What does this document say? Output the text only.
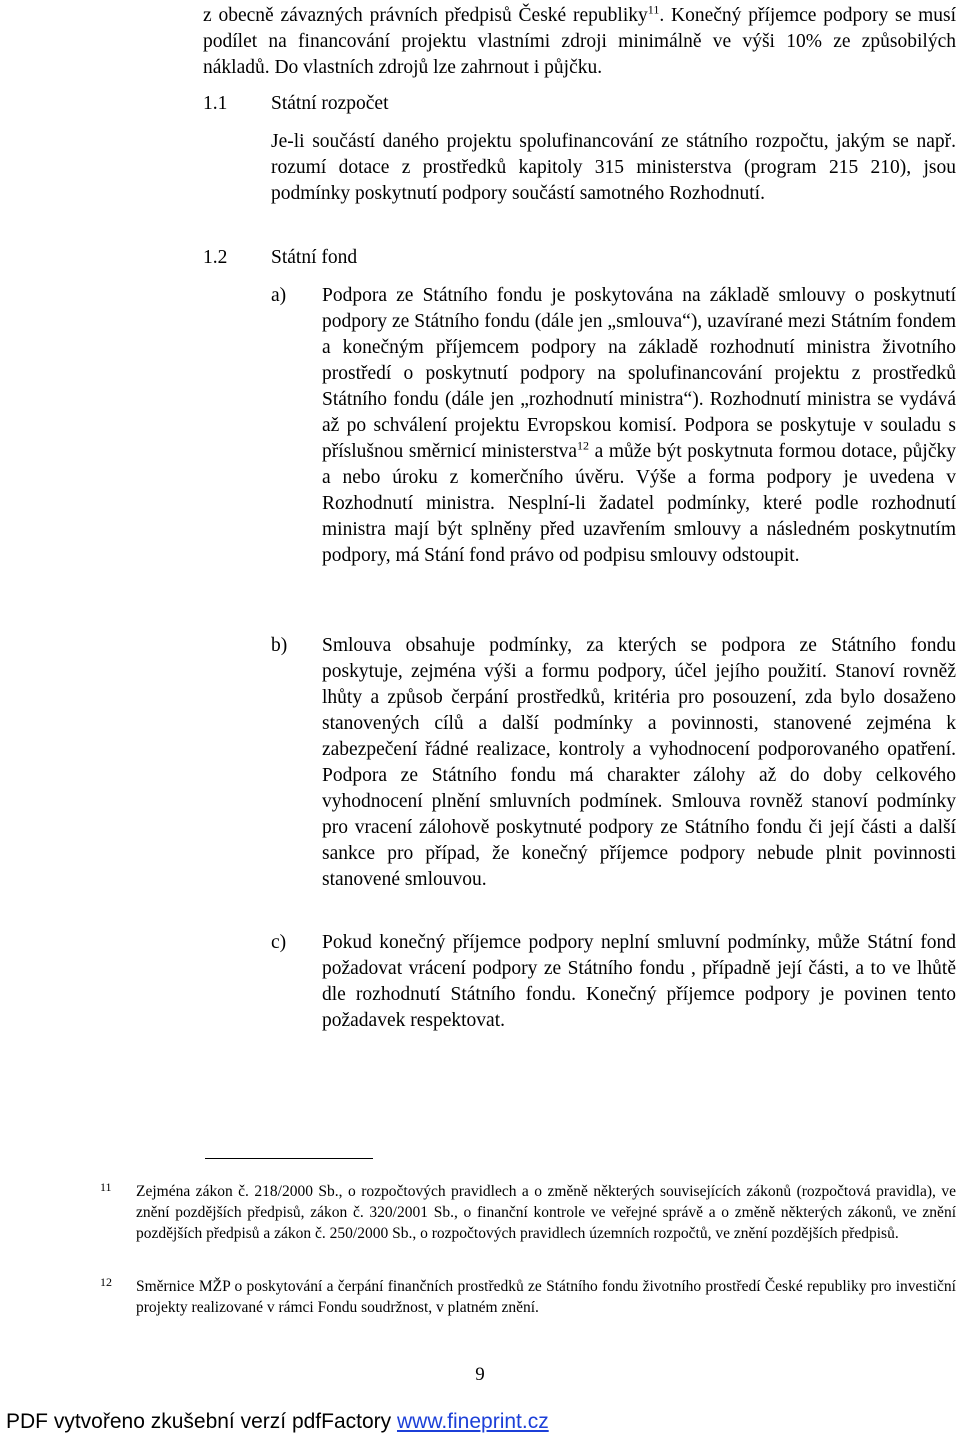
z obecně závazných právních předpisů České republiky$^{11}$. Konečný příjemce podpory se musí podílet na financování projektu vlastními zdroji minimálně ve výši 10% ze způsobilých nákladů. Do vlastních zdrojů lze zahrnout i půjčku.
1.1 Státní rozpočet
Je-li součástí daného projektu spolufinancování ze státního rozpočtu, jakým se např. rozumí dotace z prostředků kapitoly 315 ministerstva (program 215 210), jsou podmínky poskytnutí podpory součástí samotného Rozhodnutí.
1.2 Státní fond
a) Podpora ze Státního fondu je poskytována na základě smlouvy o poskytnutí podpory ze Státního fondu (dále jen „smlouva“), uzavírané mezi Státním fondem a konečným příjemcem podpory na základě rozhodnutí ministra životního prostředí o poskytnutí podpory na spolufinancování projektu z prostředků Státního fondu (dále jen „rozhodnutí ministra“). Rozhodnutí ministra se vydává až po schválení projektu Evropskou komisí. Podpora se poskytuje v souladu s příslušnou směrnicí ministerstva$^{12}$ a může být poskytnuta formou dotace, půjčky a nebo úroku z komerčního úvěru. Výše a forma podpory je uvedena v Rozhodnutí ministra. Nesplní-li žadatel podmínky, které podle rozhodnutí ministra mají být splněny před uzavřením smlouvy a následném poskytnutím podpory, má Stání fond právo od podpisu smlouvy odstoupit.
b) Smlouva obsahuje podmínky, za kterých se podpora ze Státního fondu poskytuje, zejména výši a formu podpory, účel jejího použití. Stanoví rovněž lhůty a způsob čerpání prostředků, kritéria pro posouzení, zda bylo dosaženo stanovených cílů a další podmínky a povinnosti, stanovené zejména k zabezpečení řádné realizace, kontroly a vyhodnocení podporovaného opatření. Podpora ze Státního fondu má charakter zálohy až do doby celkového vyhodnocení plnění smluvních podmínek. Smlouva rovněž stanoví podmínky pro vracení zálohově poskytnuté podpory ze Státního fondu či její části a další sankce pro případ, že konečný příjemce podpory nebude plnit povinnosti stanovené smlouvou.
c) Pokud konečný příjemce podpory neplní smluvní podmínky, může Státní fond požadovat vrácení podpory ze Státního fondu , případně její části, a to ve lhůtě dle rozhodnutí Státního fondu. Konečný příjemce podpory je povinen tento požadavek respektovat.
11 Zejména zákon č. 218/2000 Sb., o rozpočtových pravidlech a o změně některých souvisejících zákonů (rozpočtová pravidla), ve znění pozdějších předpisů, zákon č. 320/2001 Sb., o finanční kontrole ve veřejné správě a o změně některých zákonů, ve znění pozdějších předpisů a zákon č. 250/2000 Sb., o rozpočtových pravidlech územních rozpočtů, ve znění pozdějších předpisů.
12 Směrnice MŽP o poskytování a čerpání finančních prostředků ze Státního fondu životního prostředí České republiky pro investiční projekty realizované v rámci Fondu soudržnost, v platném znění.
9
PDF vytvořeno zkušební verzí pdfFactory www.fineprint.cz
